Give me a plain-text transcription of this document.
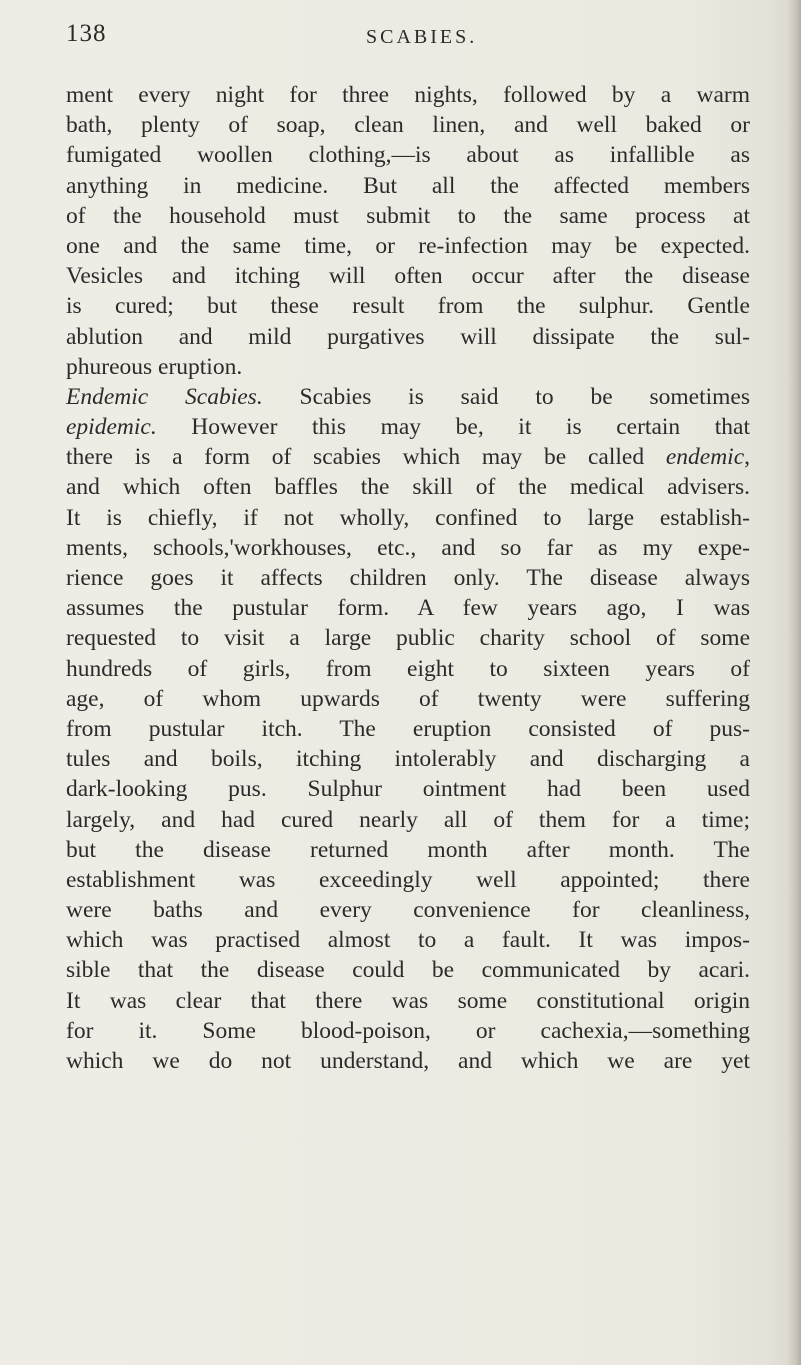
138	SCABIES.
ment every night for three nights, followed by a warm
bath, plenty of soap, clean linen, and well baked or
fumigated woollen clothing,—is about as infallible as
anything in medicine. But all the affected members
of the household must submit to the same process at
one and the same time, or re-infection may be expected.
Vesicles and itching will often occur after the disease
is cured; but these result from the sulphur. Gentle
ablution and mild purgatives will dissipate the sul-
phureous eruption.
Endemic Scabies. Scabies is said to be sometimes
epidemic. However this may be, it is certain that
there is a form of scabies which may be called endemic,
and which often baffles the skill of the medical advisers.
It is chiefly, if not wholly, confined to large establish-
ments, schools,'workhouses, etc., and so far as my expe-
rience goes it affects children only. The disease always
assumes the pustular form. A few years ago, I was
requested to visit a large public charity school of some
hundreds of girls, from eight to sixteen years of
age, of whom upwards of twenty were suffering
from pustular itch. The eruption consisted of pus-
tules and boils, itching intolerably and discharging a
dark-looking pus. Sulphur ointment had been used
largely, and had cured nearly all of them for a time;
but the disease returned month after month. The
establishment was exceedingly well appointed; there
were baths and every convenience for cleanliness,
which was practised almost to a fault. It was impos-
sible that the disease could be communicated by acari.
It was clear that there was some constitutional origin
for it. Some blood-poison, or cachexia,—something
which we do not understand, and which we are yet
